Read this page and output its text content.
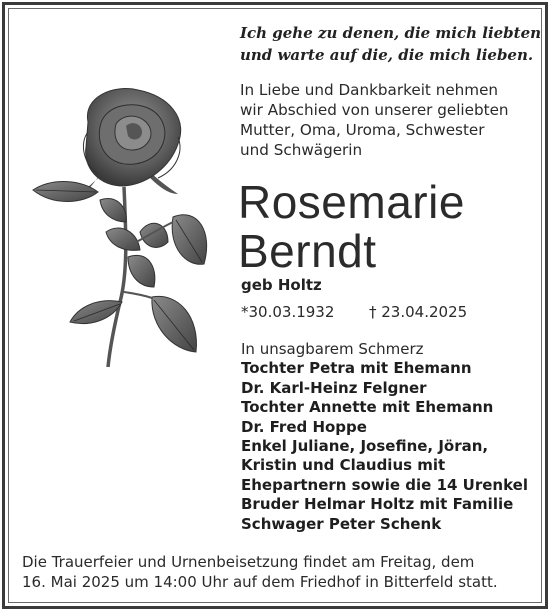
Ich gehe zu denen, die mich liebten
und warte auf die, die mich lieben.
In Liebe und Dankbarkeit nehmen
wir Abschied von unserer geliebten
Mutter, Oma, Uroma, Schwester
und Schwägerin
Rosemarie
Berndt
geb Holtz
*30.03.1932 † 23.04.2025
In unsagbarem Schmerz
Tochter Petra mit Ehemann
Dr. Karl-Heinz Felgner
Tochter Annette mit Ehemann
Dr. Fred Hoppe
Enkel Juliane, Josefine, Jöran,
Kristin und Claudius mit
Ehepartnern sowie die 14 Urenkel
Bruder Helmar Holtz mit Familie
Schwager Peter Schenk
Die Trauerfeier und Urnenbeisetzung findet am Freitag, dem
16. Mai 2025 um 14:00 Uhr auf dem Friedhof in Bitterfeld statt.
